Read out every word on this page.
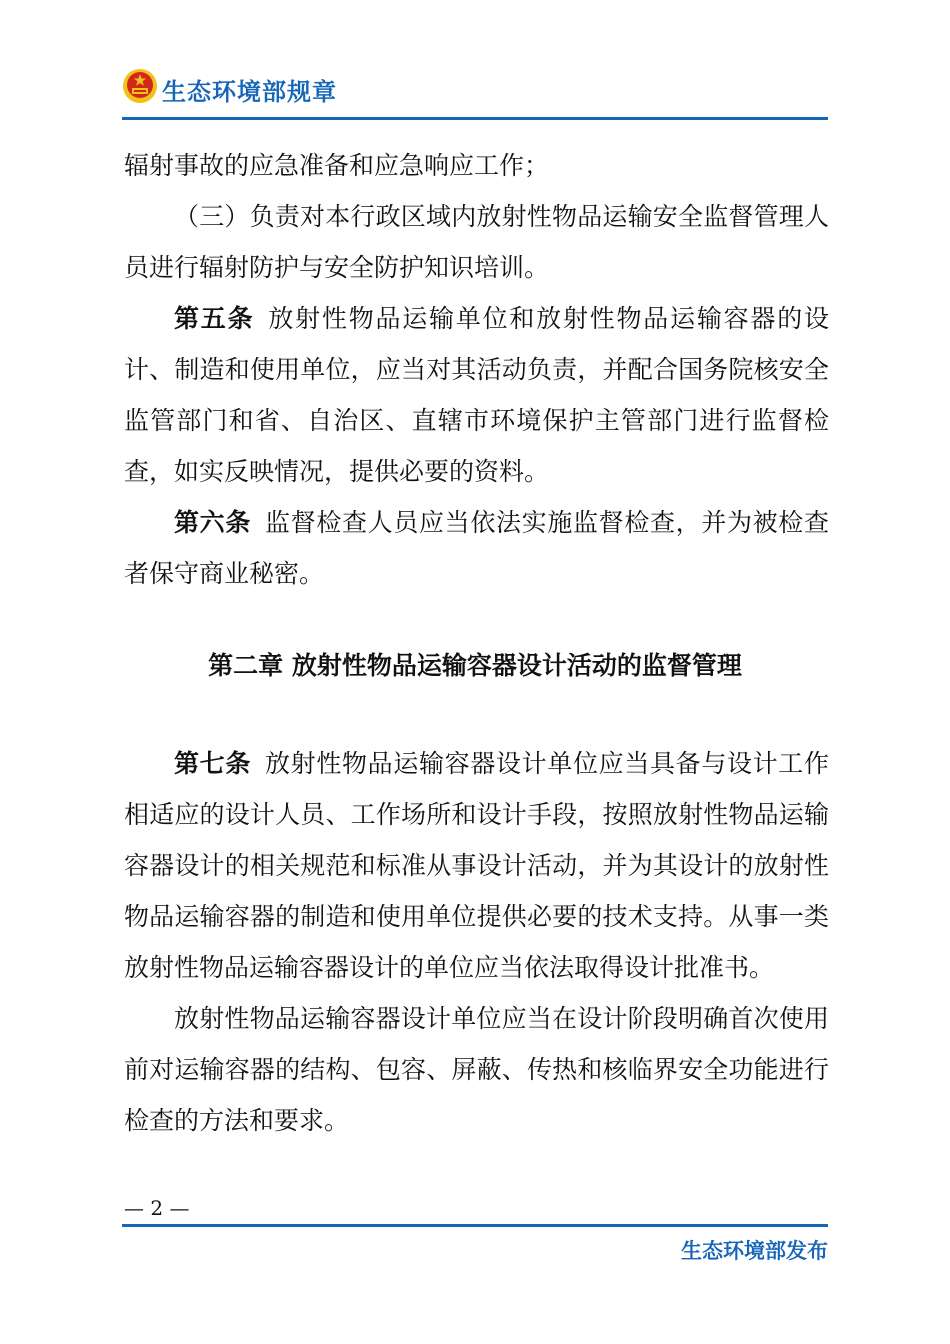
生态环境部规章

辐射事故的应急准备和应急响应工作；

（三）负责对本行政区域内放射性物品运输安全监督管理人员进行辐射防护与安全防护知识培训。

第五条 放射性物品运输单位和放射性物品运输容器的设计、制造和使用单位，应当对其活动负责，并配合国务院核安全监管部门和省、自治区、直辖市环境保护主管部门进行监督检查，如实反映情况，提供必要的资料。

第六条 监督检查人员应当依法实施监督检查，并为被检查者保守商业秘密。

第二章 放射性物品运输容器设计活动的监督管理

第七条 放射性物品运输容器设计单位应当具备与设计工作相适应的设计人员、工作场所和设计手段，按照放射性物品运输容器设计的相关规范和标准从事设计活动，并为其设计的放射性物品运输容器的制造和使用单位提供必要的技术支持。从事一类放射性物品运输容器设计的单位应当依法取得设计批准书。

放射性物品运输容器设计单位应当在设计阶段明确首次使用前对运输容器的结构、包容、屏蔽、传热和核临界安全功能进行检查的方法和要求。

— 2 —
生态环境部发布
